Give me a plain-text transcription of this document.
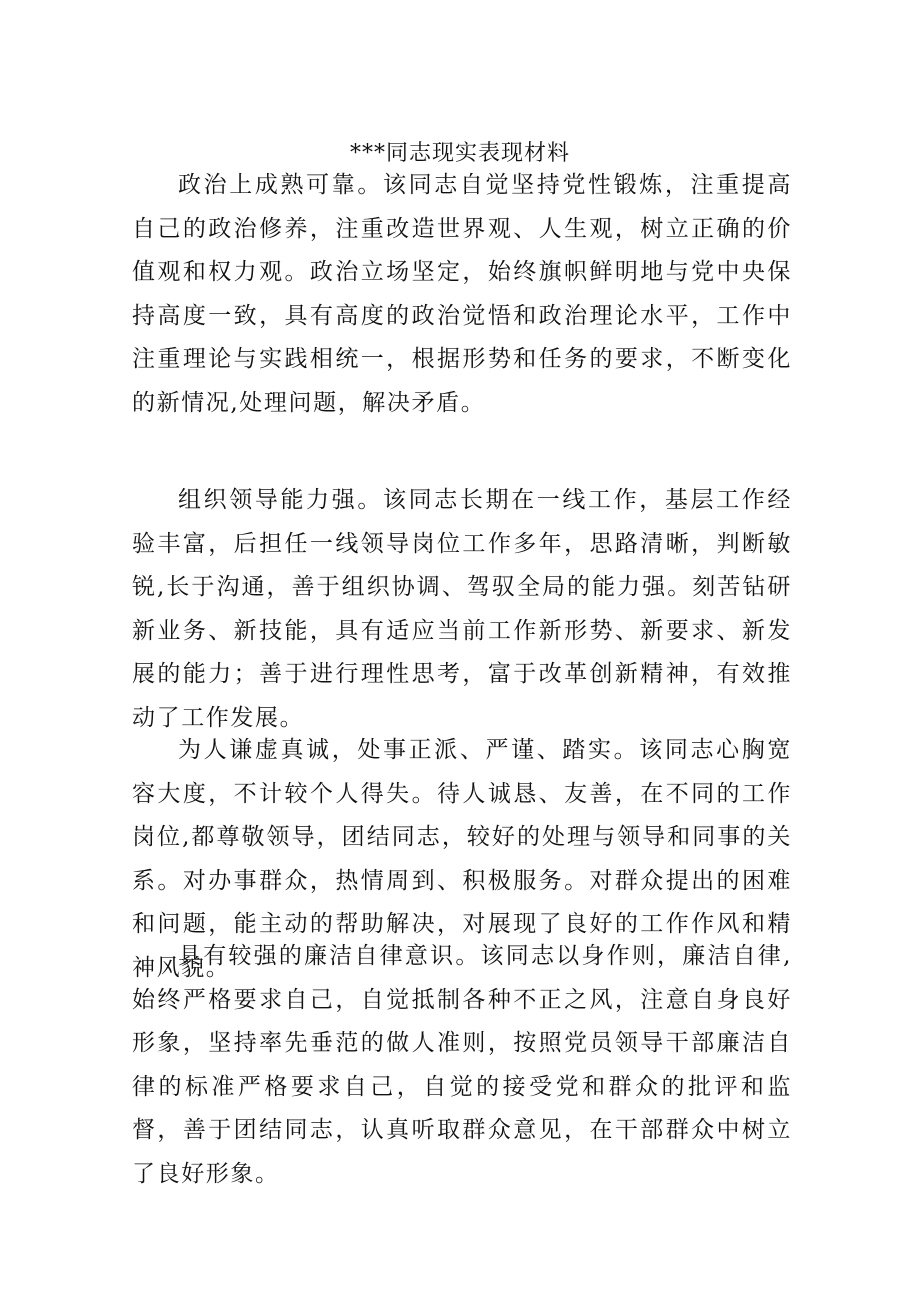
***同志现实表现材料

政治上成熟可靠。该同志自觉坚持党性锻炼，注重提高自己的政治修养，注重改造世界观、人生观，树立正确的价值观和权力观。政治立场坚定，始终旗帜鲜明地与党中央保持高度一致，具有高度的政治觉悟和政治理论水平，工作中注重理论与实践相统一，根据形势和任务的要求，不断变化的新情况,处理问题，解决矛盾。

组织领导能力强。该同志长期在一线工作，基层工作经验丰富，后担任一线领导岗位工作多年，思路清晰，判断敏锐,长于沟通，善于组织协调、驾驭全局的能力强。刻苦钻研新业务、新技能，具有适应当前工作新形势、新要求、新发展的能力；善于进行理性思考，富于改革创新精神，有效推动了工作发展。

为人谦虚真诚，处事正派、严谨、踏实。该同志心胸宽容大度，不计较个人得失。待人诚恳、友善，在不同的工作岗位,都尊敬领导，团结同志，较好的处理与领导和同事的关系。对办事群众，热情周到、积极服务。对群众提出的困难和问题，能主动的帮助解决，对展现了良好的工作作风和精神风貌。

具有较强的廉洁自律意识。该同志以身作则，廉洁自律,始终严格要求自己，自觉抵制各种不正之风，注意自身良好形象，坚持率先垂范的做人准则，按照党员领导干部廉洁自律的标准严格要求自己，自觉的接受党和群众的批评和监督，善于团结同志，认真听取群众意见，在干部群众中树立了良好形象。
